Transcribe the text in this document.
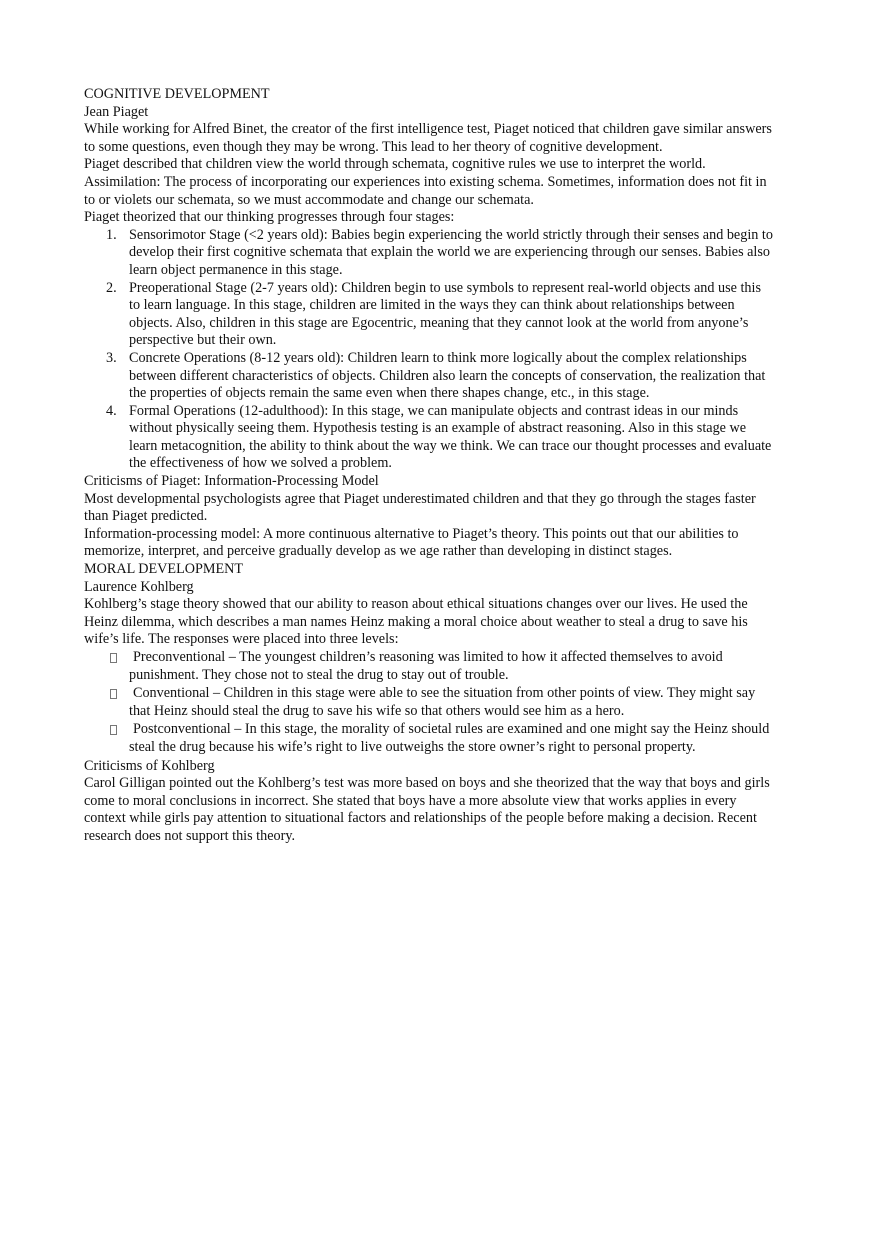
COGNITIVE DEVELOPMENT

Jean Piaget

While working for Alfred Binet, the creator of the first intelligence test, Piaget noticed that children gave similar answers to some questions, even though they may be wrong. This lead to her theory of cognitive development.

Piaget described that children view the world through schemata, cognitive rules we use to interpret the world.

Assimilation: The process of incorporating our experiences into existing schema. Sometimes, information does not fit in to or violets our schemata, so we must accommodate and change our schemata.

Piaget theorized that our thinking progresses through four stages:

1. Sensorimotor Stage (<2 years old): Babies begin experiencing the world strictly through their senses and begin to develop their first cognitive schemata that explain the world we are experiencing through our senses. Babies also learn object permanence in this stage.
2. Preoperational Stage (2-7 years old): Children begin to use symbols to represent real-world objects and use this to learn language. In this stage, children are limited in the ways they can think about relationships between objects. Also, children in this stage are Egocentric, meaning that they cannot look at the world from anyone’s perspective but their own.
3. Concrete Operations (8-12 years old): Children learn to think more logically about the complex relationships between different characteristics of objects. Children also learn the concepts of conservation, the realization that the properties of objects remain the same even when there shapes change, etc., in this stage.
4. Formal Operations (12-adulthood): In this stage, we can manipulate objects and contrast ideas in our minds without physically seeing them. Hypothesis testing is an example of abstract reasoning. Also in this stage we learn metacognition, the ability to think about the way we think. We can trace our thought processes and evaluate the effectiveness of how we solved a problem.

Criticisms of Piaget: Information-Processing Model

Most developmental psychologists agree that Piaget underestimated children and that they go through the stages faster than Piaget predicted.

Information-processing model: A more continuous alternative to Piaget’s theory. This points out that our abilities to memorize, interpret, and perceive gradually develop as we age rather than developing in distinct stages.

MORAL DEVELOPMENT

Laurence Kohlberg

Kohlberg’s stage theory showed that our ability to reason about ethical situations changes over our lives. He used the Heinz dilemma, which describes a man names Heinz making a moral choice about weather to steal a drug to save his wife’s life. The responses were placed into three levels:

Preconventional – The youngest children’s reasoning was limited to how it affected themselves to avoid punishment. They chose not to steal the drug to stay out of trouble.
Conventional – Children in this stage were able to see the situation from other points of view. They might say that Heinz should steal the drug to save his wife so that others would see him as a hero.
Postconventional – In this stage, the morality of societal rules are examined and one might say the Heinz should steal the drug because his wife’s right to live outweighs the store owner’s right to personal property.

Criticisms of Kohlberg

Carol Gilligan pointed out the Kohlberg’s test was more based on boys and she theorized that the way that boys and girls come to moral conclusions in incorrect. She stated that boys have a more absolute view that works applies in every context while girls pay attention to situational factors and relationships of the people before making a decision. Recent research does not support this theory.
